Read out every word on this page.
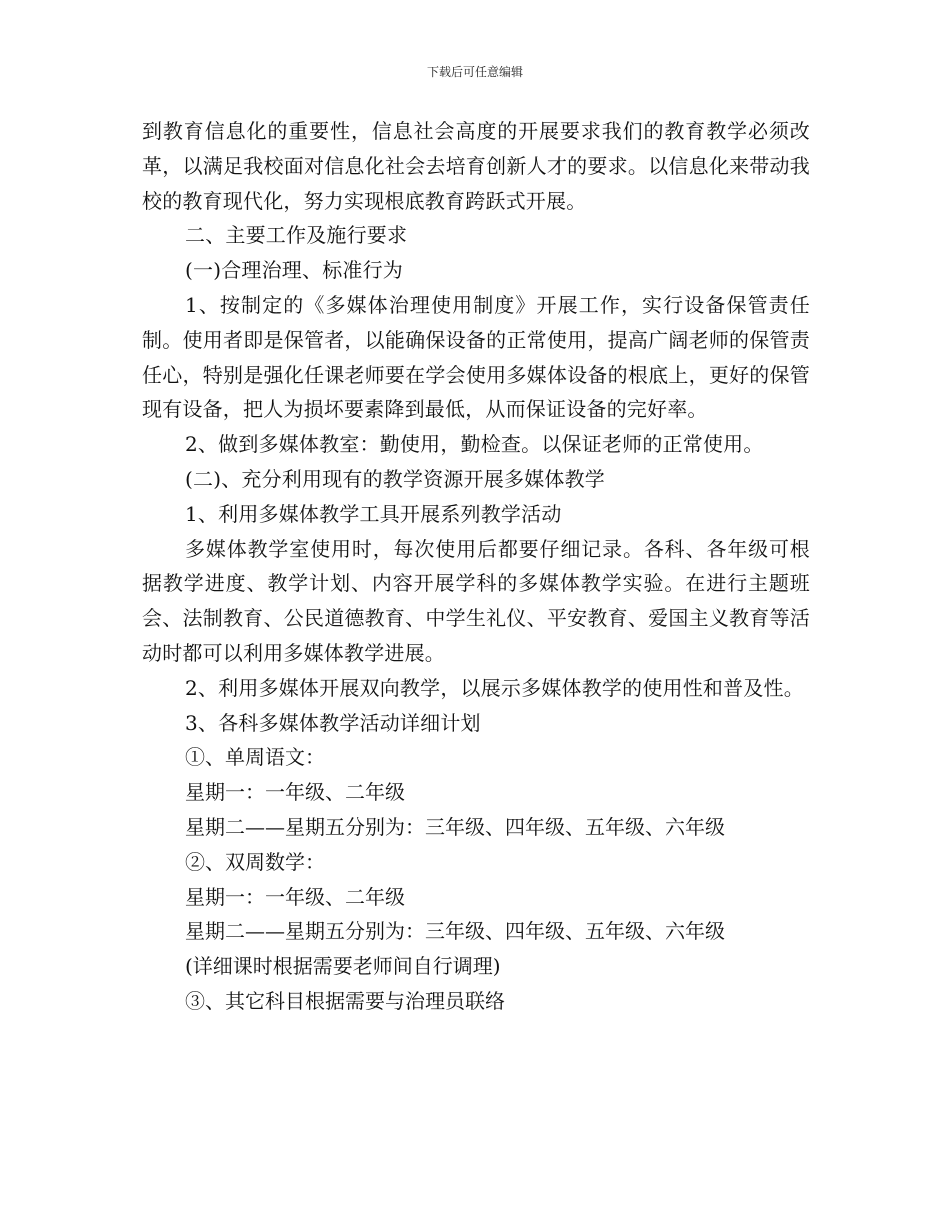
下载后可任意编辑

到教育信息化的重要性，信息社会高度的开展要求我们的教育教学必须改革，以满足我校面对信息化社会去培育创新人才的要求。以信息化来带动我校的教育现代化，努力实现根底教育跨跃式开展。

二、主要工作及施行要求

(一)合理治理、标准行为

1、按制定的《多媒体治理使用制度》开展工作，实行设备保管责任制。使用者即是保管者，以能确保设备的正常使用，提高广阔老师的保管责任心，特别是强化任课老师要在学会使用多媒体设备的根底上，更好的保管现有设备，把人为损坏要素降到最低，从而保证设备的完好率。

2、做到多媒体教室：勤使用，勤检查。以保证老师的正常使用。

(二)、充分利用现有的教学资源开展多媒体教学

1、利用多媒体教学工具开展系列教学活动

多媒体教学室使用时，每次使用后都要仔细记录。各科、各年级可根据教学进度、教学计划、内容开展学科的多媒体教学实验。在进行主题班会、法制教育、公民道德教育、中学生礼仪、平安教育、爱国主义教育等活动时都可以利用多媒体教学进展。

2、利用多媒体开展双向教学，以展示多媒体教学的使用性和普及性。

3、各科多媒体教学活动详细计划

①、单周语文：

星期一：一年级、二年级

星期二——星期五分别为：三年级、四年级、五年级、六年级

②、双周数学：

星期一：一年级、二年级

星期二——星期五分别为：三年级、四年级、五年级、六年级

(详细课时根据需要老师间自行调理)

③、其它科目根据需要与治理员联络
